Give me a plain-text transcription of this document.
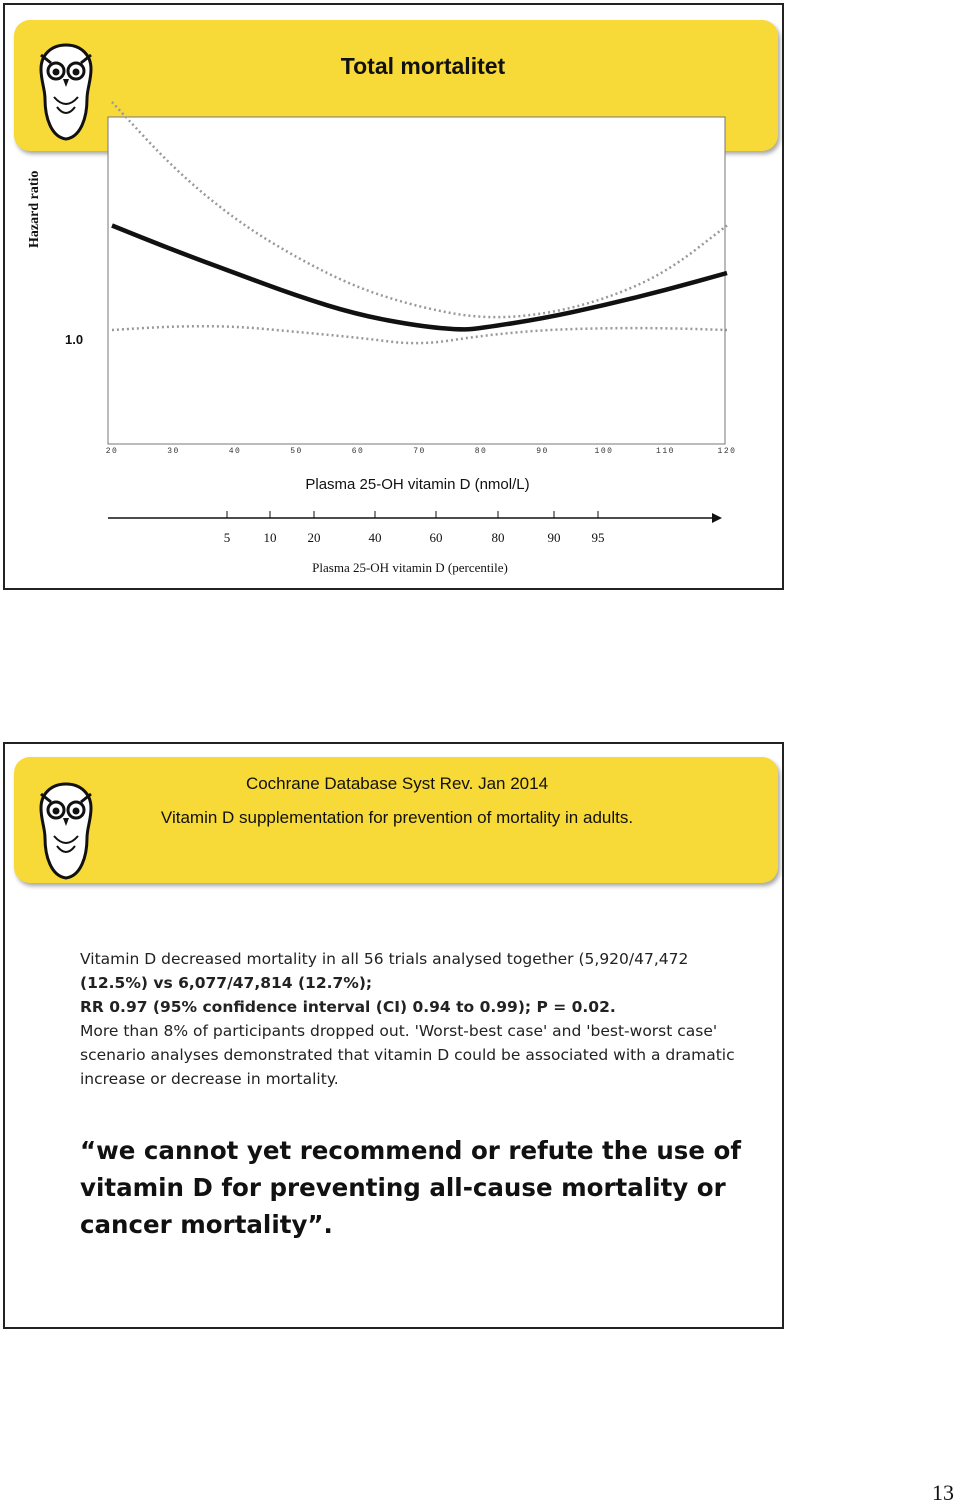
Total mortalitet
Hazard ratio
1.0
20	30	40	50	60	70	80	90	100	110	120
5	10 20	40	60	80	90 95
Plasma 25-OH vitamin D (nmol/L)
Plasma 25-OH vitamin D (percentile)
Cochrane Database Syst Rev. Jan 2014
Vitamin D supplementation for prevention of mortality in adults.
Vitamin D decreased mortality in all 56 trials analysed together (5,920/47,472
(12.5%) vs 6,077/47,814 (12.7%);
RR 0.97 (95% confidence interval (CI) 0.94 to 0.99); P = 0.02.
More than 8% of participants dropped out. 'Worst-best case' and 'best-worst case' scenario analyses demonstrated that vitamin D could be associated with a dramatic increase or decrease in mortality.
“we cannot yet recommend or refute the use of vitamin D for preventing all-cause mortality or cancer mortality”.
13
